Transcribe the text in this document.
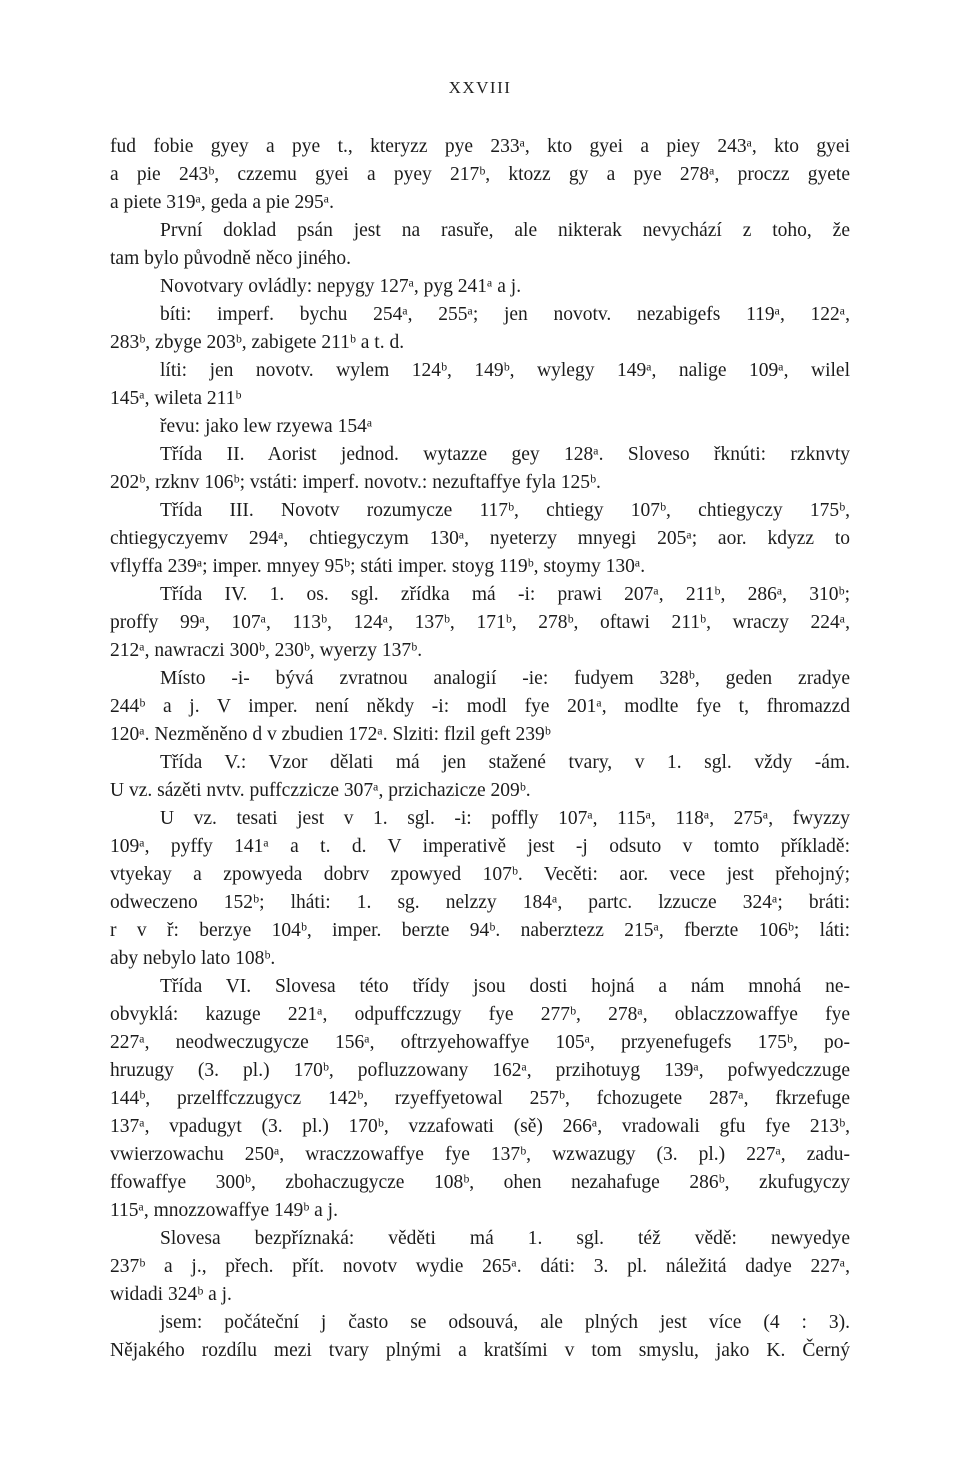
XXVIII
fud fobie gyey a pye t., kteryzz pye 233ᵃ, kto gyei a piey 243ᵃ, kto gyei
a pie 243ᵇ, czzemu gyei a pyey 217ᵇ, ktozz gy a pye 278ᵃ, proczz gyete
a piete 319ᵃ, geda a pie 295ᵃ.
První doklad psán jest na rasuře, ale nikterak nevychází z toho, že
tam bylo původně něco jiného.
Novotvary ovládly: nepygy 127ᵃ, pyg 241ᵃ a j.
bíti: imperf. bychu 254ᵃ, 255ᵃ; jen novotv. nezabigefs 119ᵃ, 122ᵃ,
283ᵇ, zbyge 203ᵇ, zabigete 211ᵇ a t. d.
líti: jen novotv. wylem 124ᵇ, 149ᵇ, wylegy 149ᵃ, nalige 109ᵃ, wilel
145ᵃ, wileta 211ᵇ
řevu: jako lew rzyewa 154ᵃ
Třída II. Aorist jednod. wytazze gey 128ᵃ. Sloveso řknúti: rzknvty
202ᵇ, rzknv 106ᵇ; vstáti: imperf. novotv.: nezuftaffye fyla 125ᵇ.
Třída III. Novotv rozumycze 117ᵇ, chtiegy 107ᵇ, chtiegyczy 175ᵇ,
chtiegyczyemv 294ᵃ, chtiegyczym 130ᵃ, nyeterzy mnyegi 205ᵃ; aor. kdyzz to
vflyffa 239ᵃ; imper. mnyey 95ᵇ; státi imper. stoyg 119ᵇ, stoymy 130ᵃ.
Třída IV. 1. os. sgl. zřídka má -i: prawi 207ᵃ, 211ᵇ, 286ᵃ, 310ᵇ;
proffy 99ᵃ, 107ᵃ, 113ᵇ, 124ᵃ, 137ᵇ, 171ᵇ, 278ᵇ, oftawi 211ᵇ, wraczy 224ᵃ,
212ᵃ, nawraczi 300ᵇ, 230ᵇ, wyerzy 137ᵇ.
Místo -i- bývá zvratnou analogií -ie: fudyem 328ᵇ, geden zradye
244ᵇ a j. V imper. není někdy -i: modl fye 201ᵃ, modlte fye t, fhromazzd
120ᵃ. Nezměněno d v zbudien 172ᵃ. Slziti: flzil geft 239ᵇ
Třída V.: Vzor dělati má jen stažené tvary, v 1. sgl. vždy -ám.
U vz. sázěti nvtv. puffczzicze 307ᵃ, przichazicze 209ᵇ.
U vz. tesati jest v 1. sgl. -i: poffly 107ᵃ, 115ᵃ, 118ᵃ, 275ᵃ, fwyzzy
109ᵃ, pyffy 141ᵃ a t. d. V imperativě jest -j odsuto v tomto příkladě:
vtyekay a zpowyeda dobrv zpowyed 107ᵇ. Vecěti: aor. vece jest přehojný;
odweczeno 152ᵇ; lháti: 1. sg. nelzzy 184ᵃ, partc. lzzucze 324ᵃ; bráti:
r v ř: berzye 104ᵇ, imper. berzte 94ᵇ. naberztezz 215ᵃ, fberzte 106ᵇ; láti:
aby nebylo lato 108ᵇ.
Třída VI. Slovesa této třídy jsou dosti hojná a nám mnohá ne-
obvyklá: kazuge 221ᵃ, odpuffczzugy fye 277ᵇ, 278ᵃ, oblaczzowaffye fye
227ᵃ, neodweczugycze 156ᵃ, oftrzyehowaffye 105ᵃ, przyenefugefs 175ᵇ, po-
hruzugy (3. pl.) 170ᵇ, pofluzzowany 162ᵃ, przihotuyg 139ᵃ, pofwyedczzuge
144ᵇ, przelffczzugycz 142ᵇ, rzyeffyetowal 257ᵇ, fchozugete 287ᵃ, fkrzefuge
137ᵃ, vpadugyt (3. pl.) 170ᵇ, vzzafowati (sě) 266ᵃ, vradowali gfu fye 213ᵇ,
vwierzowachu 250ᵃ, wraczzowaffye fye 137ᵇ, wzwazugy (3. pl.) 227ᵃ, zadu-
ffowaffye 300ᵇ, zbohaczugycze 108ᵇ, ohen nezahafuge 286ᵇ, zkufugyczy
115ᵃ, mnozzowaffye 149ᵇ a j.
Slovesa bezpříznaká: věděti má 1. sgl. též vědě: newyedye
237ᵇ a j., přech. přít. novotv wydie 265ᵃ. dáti: 3. pl. náležitá dadye 227ᵃ,
widadi 324ᵇ a j.
jsem: počáteční j často se odsouvá, ale plných jest více (4 : 3).
Nějakého rozdílu mezi tvary plnými a kratšími v tom smyslu, jako K. Černý
